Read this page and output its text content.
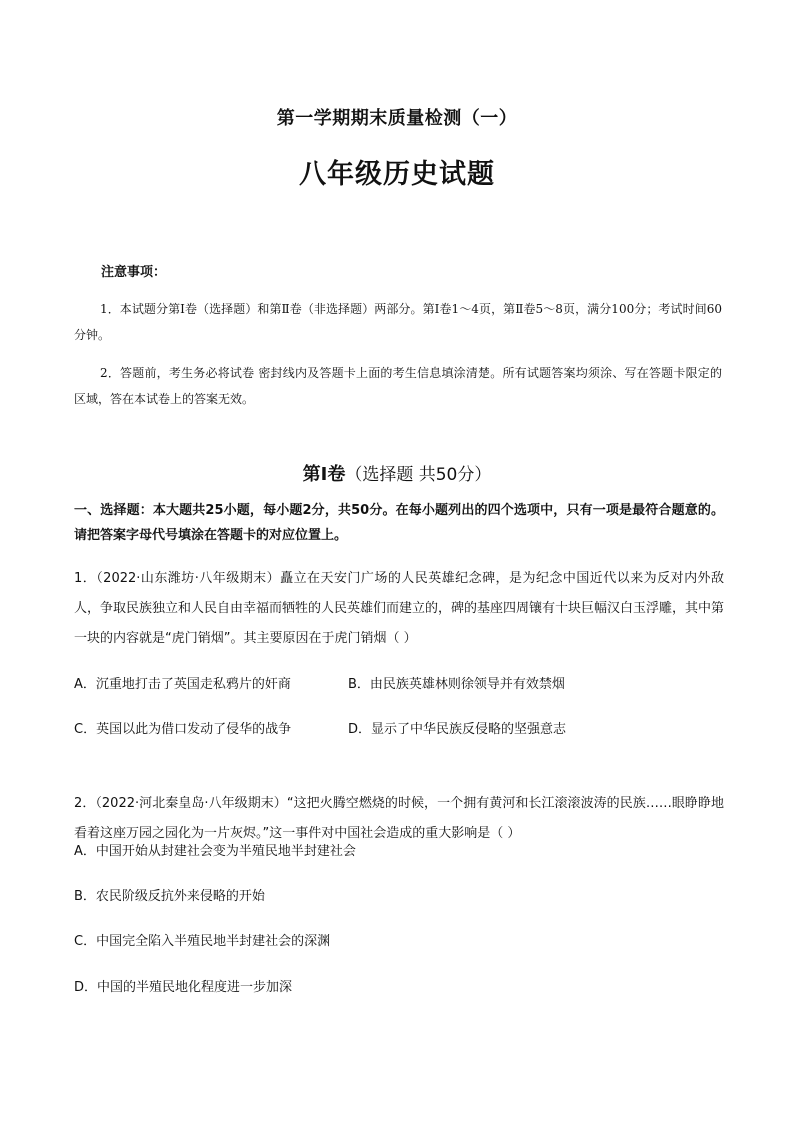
第一学期期末质量检测（一）
八年级历史试题
注意事项：
1．本试题分第Ⅰ卷（选择题）和第Ⅱ卷（非选择题）两部分。第Ⅰ卷1～4页，第Ⅱ卷5～8页，满分100分；考试时间60分钟。
2．答题前，考生务必将试卷 密封线内及答题卡上面的考生信息填涂清楚。所有试题答案均须涂、写在答题卡限定的区域，答在本试卷上的答案无效。
第Ⅰ卷（选择题 共50分）
一、选择题：本大题共25小题，每小题2分，共50分。在每小题列出的四个选项中，只有一项是最符合题意的。请把答案字母代号填涂在答题卡的对应位置上。
1．（2022·山东潍坊·八年级期末）矗立在天安门广场的人民英雄纪念碑，是为纪念中国近代以来为反对内外敌人，争取民族独立和人民自由幸福而牺牲的人民英雄们而建立的，碑的基座四周镶有十块巨幅汉白玉浮雕，其中第一块的内容就是“虎门销烟”。其主要原因在于虎门销烟（ ）
A．沉重地打击了英国走私鸦片的奸商	B．由民族英雄林则徐领导并有效禁烟
C．英国以此为借口发动了侵华的战争	D．显示了中华民族反侵略的坚强意志
2．（2022·河北秦皇岛·八年级期末）“这把火腾空燃烧的时候，一个拥有黄河和长江滚滚波涛的民族……眼睁睁地看着这座万园之园化为一片灰烬。”这一事件对中国社会造成的重大影响是（ ）
A．中国开始从封建社会变为半殖民地半封建社会
B．农民阶级反抗外来侵略的开始
C．中国完全陷入半殖民地半封建社会的深渊
D．中国的半殖民地化程度进一步加深
